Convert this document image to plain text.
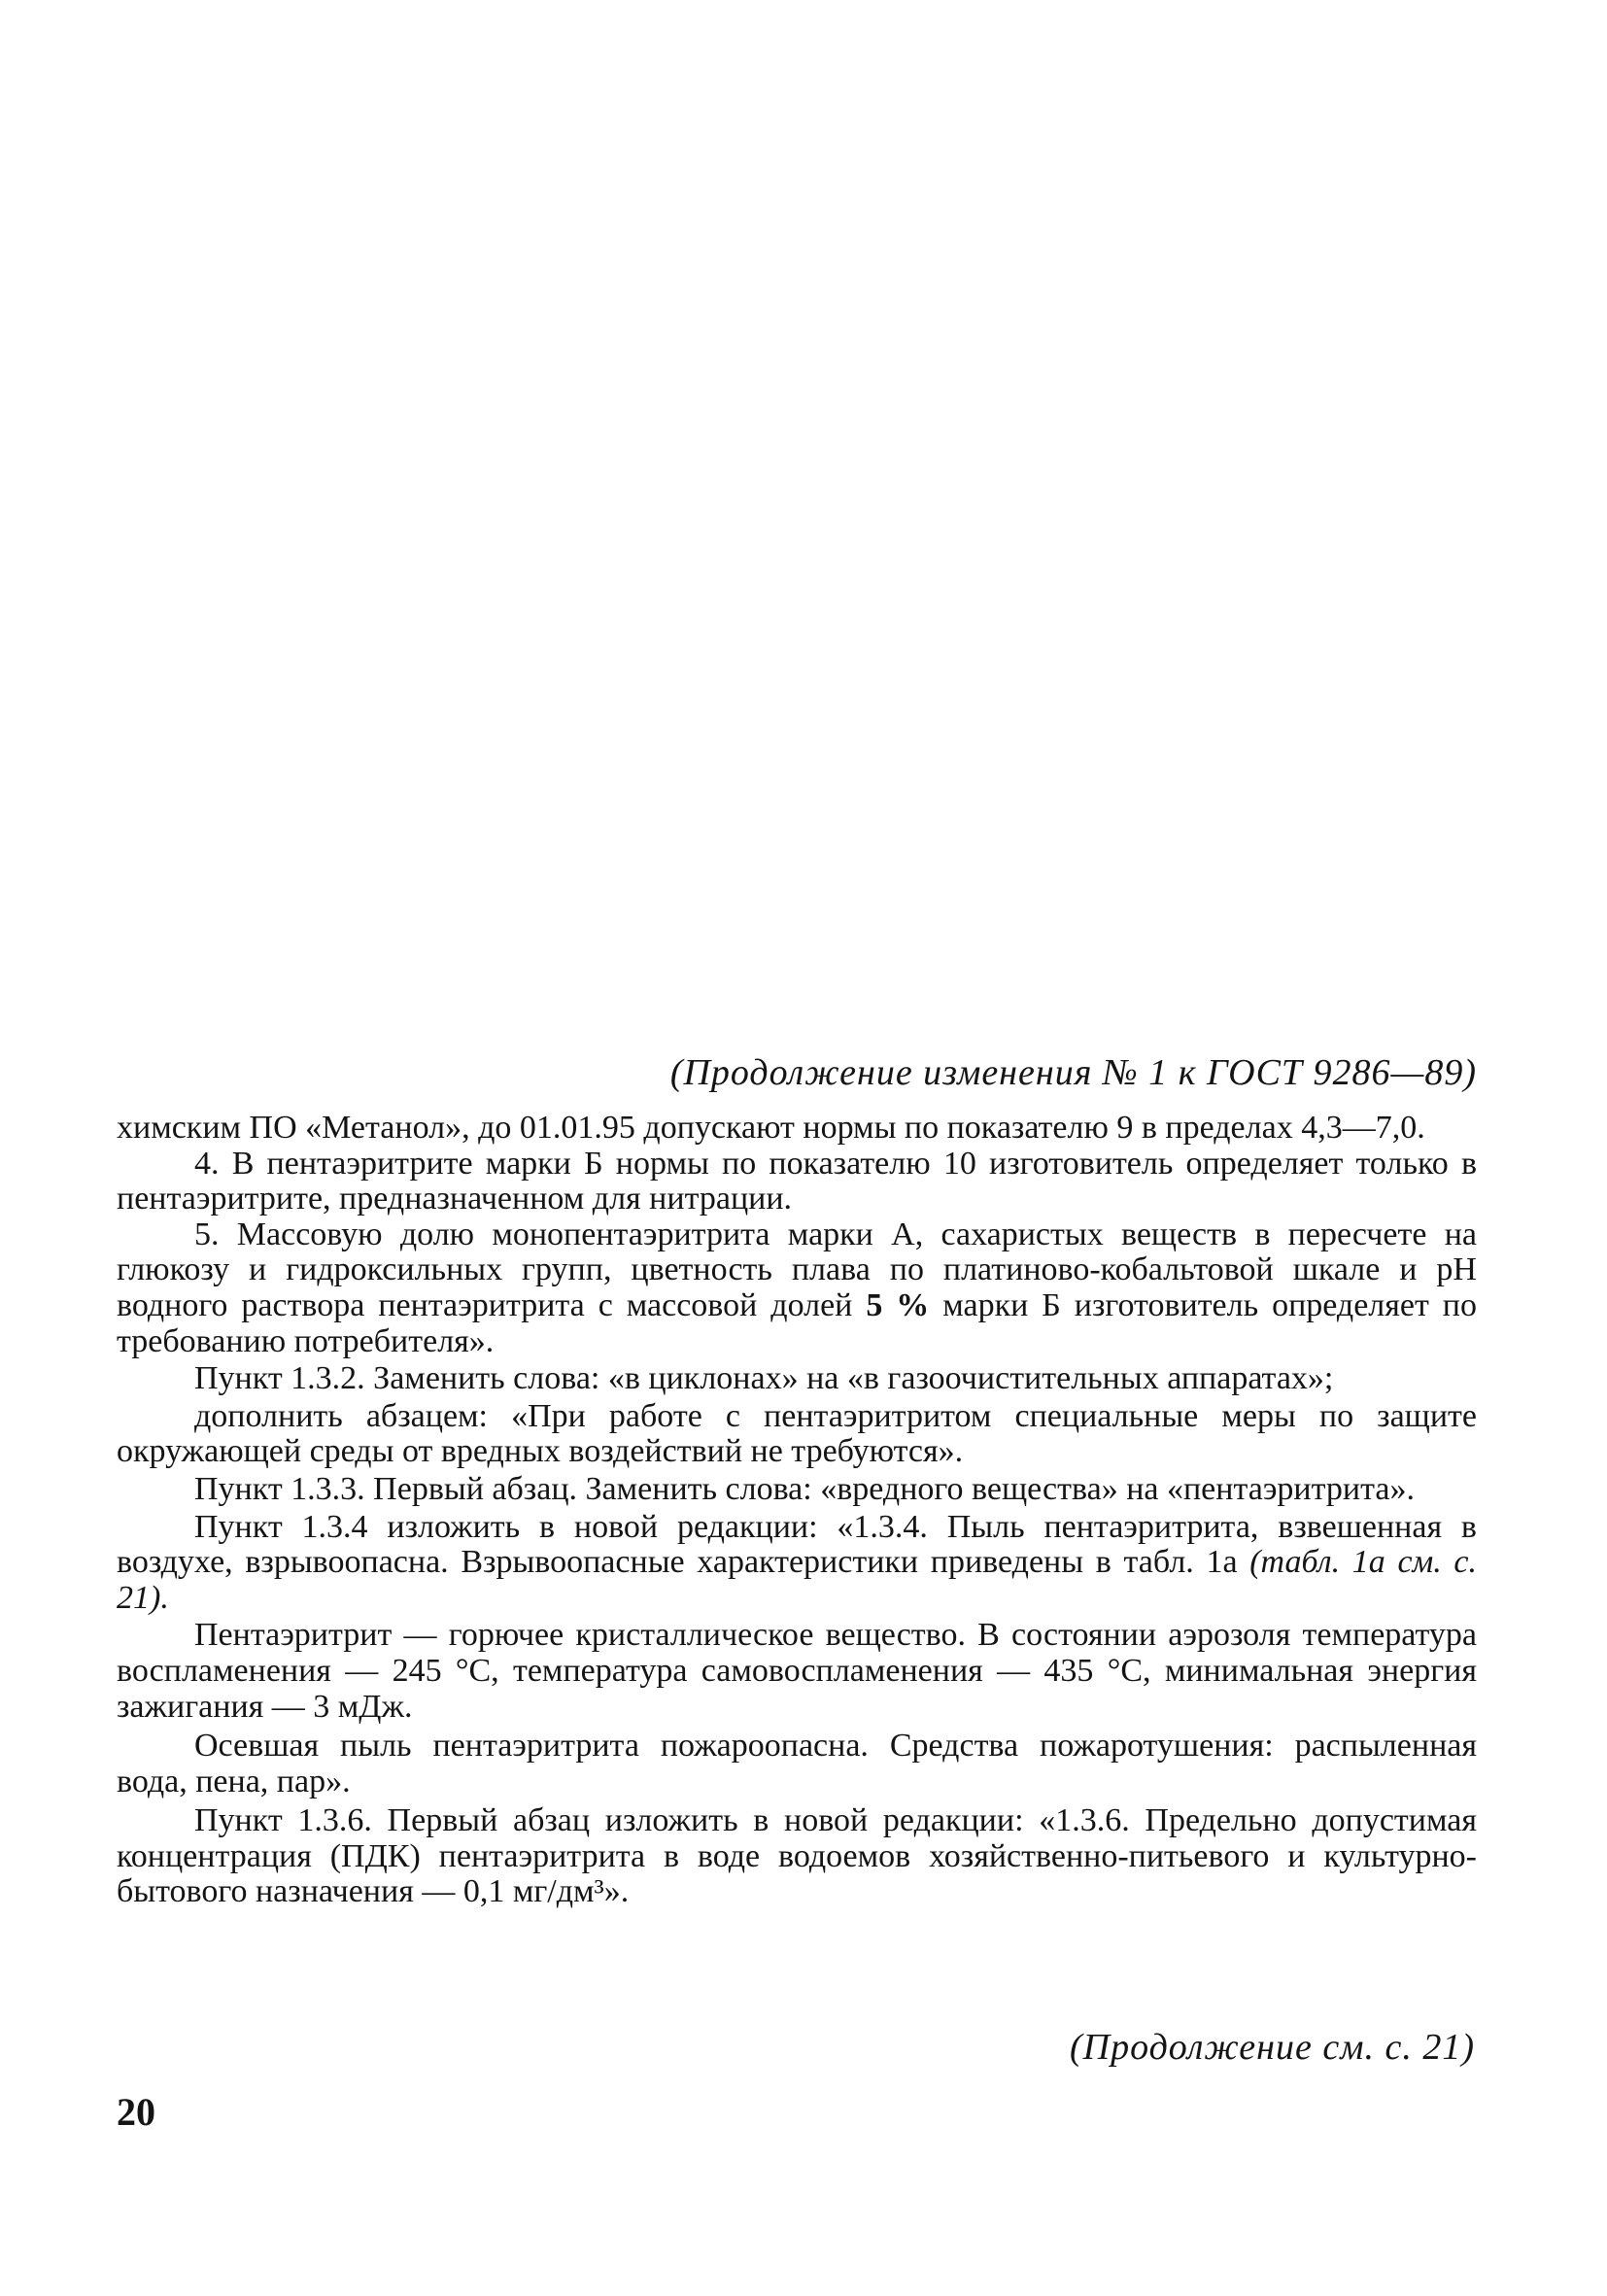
(Продолжение изменения № 1 к ГОСТ 9286—89)

химским ПО «Метанол», до 01.01.95 допускают нормы по показателю 9 в пределах 4,3—7,0.

4. В пентаэритрите марки Б нормы по показателю 10 изготовитель определяет только в пентаэритрите, предназначенном для нитрации.

5. Массовую долю монопентаэритрита марки А, сахаристых веществ в пересчете на глюкозу и гидроксильных групп, цветность плава по платиново-кобальтовой шкале и рН водного раствора пентаэритрита с массовой долей 5 % марки Б изготовитель определяет по требованию потребителя».

Пункт 1.3.2. Заменить слова: «в циклонах» на «в газоочистительных аппаратах»;

дополнить абзацем: «При работе с пентаэритритом специальные меры по защите окружающей среды от вредных воздействий не требуются».

Пункт 1.3.3. Первый абзац. Заменить слова: «вредного вещества» на «пентаэритрита».

Пункт 1.3.4 изложить в новой редакции: «1.3.4. Пыль пентаэритрита, взвешенная в воздухе, взрывоопасна. Взрывоопасные характеристики приведены в табл. 1а (табл. 1а см. с. 21).

Пентаэритрит — горючее кристаллическое вещество. В состоянии аэрозоля температура воспламенения — 245 °С, температура самовоспламенения — 435 °С, минимальная энергия зажигания — 3 мДж.

Осевшая пыль пентаэритрита пожароопасна. Средства пожаротушения: распыленная вода, пена, пар».

Пункт 1.3.6. Первый абзац изложить в новой редакции: «1.3.6. Предельно допустимая концентрация (ПДК) пентаэритрита в воде водоемов хозяйственно-питьевого и культурно-бытового назначения — 0,1 мг/дм³».

(Продолжение см. с. 21)
20
